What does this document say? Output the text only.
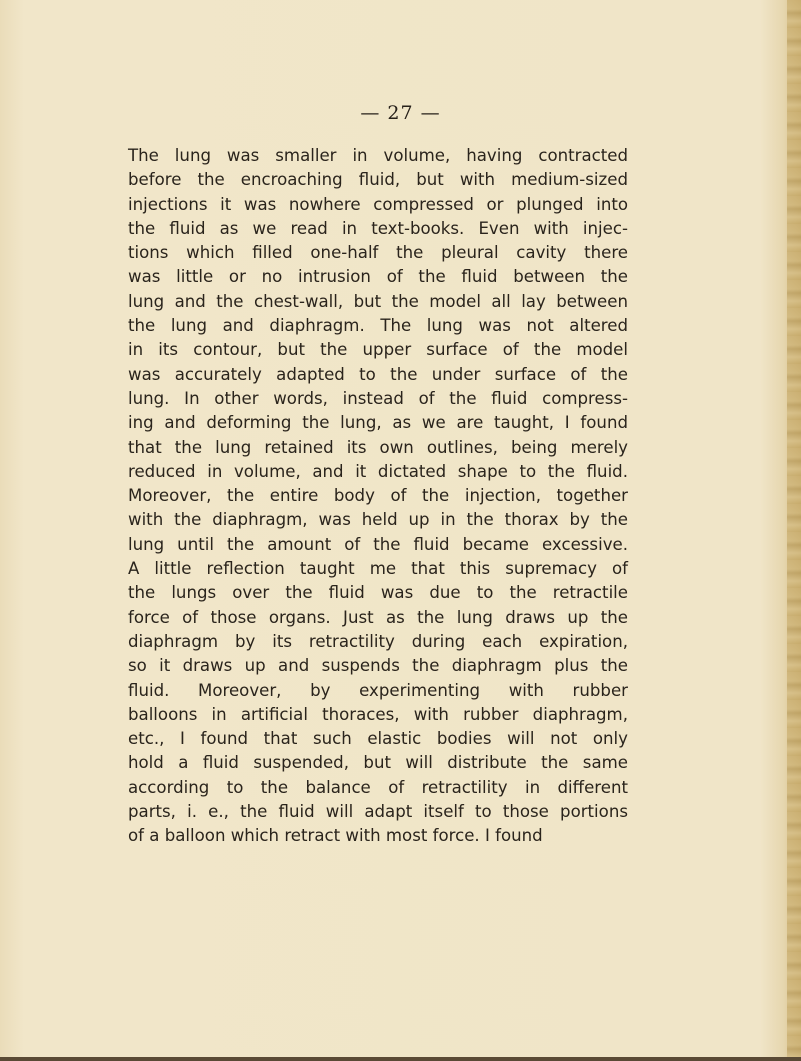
— 27 —
The lung was smaller in volume, having contracted
before the encroaching fluid, but with medium-sized
injections it was nowhere compressed or plunged into
the fluid as we read in text-books. Even with injec-
tions which filled one-half the pleural cavity there
was little or no intrusion of the fluid between the
lung and the chest-wall, but the model all lay between
the lung and diaphragm. The lung was not altered
in its contour, but the upper surface of the model
was accurately adapted to the under surface of the
lung. In other words, instead of the fluid compress-
ing and deforming the lung, as we are taught, I found
that the lung retained its own outlines, being merely
reduced in volume, and it dictated shape to the fluid.
Moreover, the entire body of the injection, together
with the diaphragm, was held up in the thorax by the
lung until the amount of the fluid became excessive.
A little reflection taught me that this supremacy of
the lungs over the fluid was due to the retractile
force of those organs. Just as the lung draws up the
diaphragm by its retractility during each expiration,
so it draws up and suspends the diaphragm plus the
fluid. Moreover, by experimenting with rubber
balloons in artificial thoraces, with rubber diaphragm,
etc., I found that such elastic bodies will not only
hold a fluid suspended, but will distribute the same
according to the balance of retractility in different
parts, i. e., the fluid will adapt itself to those portions
of a balloon which retract with most force. I found
